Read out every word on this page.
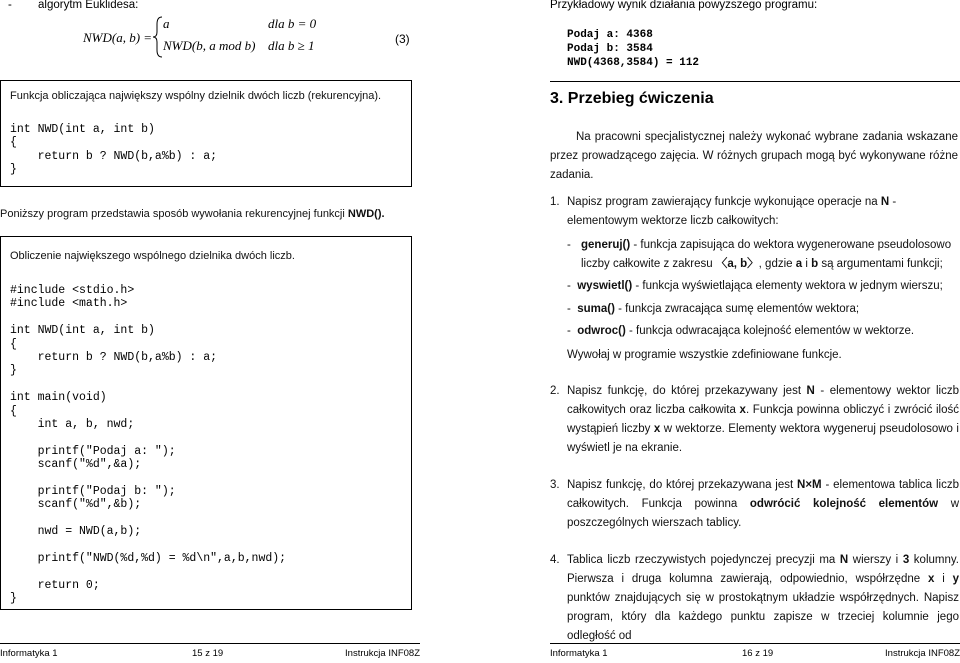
- algorytm Euklidesa:
NWD(a, b) =
a	dla b = 0
NWD(b, a mod b) dla b ≥ 1	(3)
Funkcja obliczająca największy wspólny dzielnik dwóch liczb (rekurencyjna).
int NWD(int a, int b)
{
return b ? NWD(b,a%b) : a;
}
Poniższy program przedstawia sposób wywołania rekurencyjnej funkcji NWD().
Obliczenie największego wspólnego dzielnika dwóch liczb.
#include <stdio.h>
#include <math.h>
int NWD(int a, int b)
{
return b ? NWD(b,a%b) : a;
}
int main(void)
{
int a, b, nwd;
printf("Podaj a: ");
scanf("%d",&a);
printf("Podaj b: ");
scanf("%d",&b);
nwd = NWD(a,b);
printf("NWD(%d,%d) = %d\n",a,b,nwd);
return 0;
}
Informatyka 1	15 z 19	Instrukcja INF08Z
Przykładowy wynik działania powyższego programu:
Podaj a: 4368
Podaj b: 3584
NWD(4368,3584) = 112
3. Przebieg ćwiczenia
Na pracowni specjalistycznej należy wykonać wybrane zadania wskazane przez prowadzącego zajęcia. W różnych grupach mogą być wykonywane różne zadania.
1. Napisz program zawierający funkcje wykonujące operacje na N - elementowym wektorze liczb całkowitych:
- generuj() - funkcja zapisująca do wektora wygenerowane pseudolosowo liczby całkowite z zakresu 〈a, b〉, gdzie a i b są argumentami funkcji;
- wyswietl() - funkcja wyświetlająca elementy wektora w jednym wierszu;
- suma() - funkcja zwracająca sumę elementów wektora;
- odwroc() - funkcja odwracająca kolejność elementów w wektorze.
Wywołaj w programie wszystkie zdefiniowane funkcje.
2. Napisz funkcję, do której przekazywany jest N - elementowy wektor liczb całkowitych oraz liczba całkowita x. Funkcja powinna obliczyć i zwrócić ilość wystąpień liczby x w wektorze. Elementy wektora wygeneruj pseudolosowo i wyświetl je na ekranie.
3. Napisz funkcję, do której przekazywana jest N×M - elementowa tablica liczb całkowitych. Funkcja powinna odwrócić kolejność elementów w poszczególnych wierszach tablicy.
4. Tablica liczb rzeczywistych pojedynczej precyzji ma N wierszy i 3 kolumny. Pierwsza i druga kolumna zawierają, odpowiednio, współrzędne x i y punktów znajdujących się w prostokątnym układzie współrzędnych. Napisz program, który dla każdego punktu zapisze w trzeciej kolumnie jego odległość od
Informatyka 1	16 z 19	Instrukcja INF08Z
